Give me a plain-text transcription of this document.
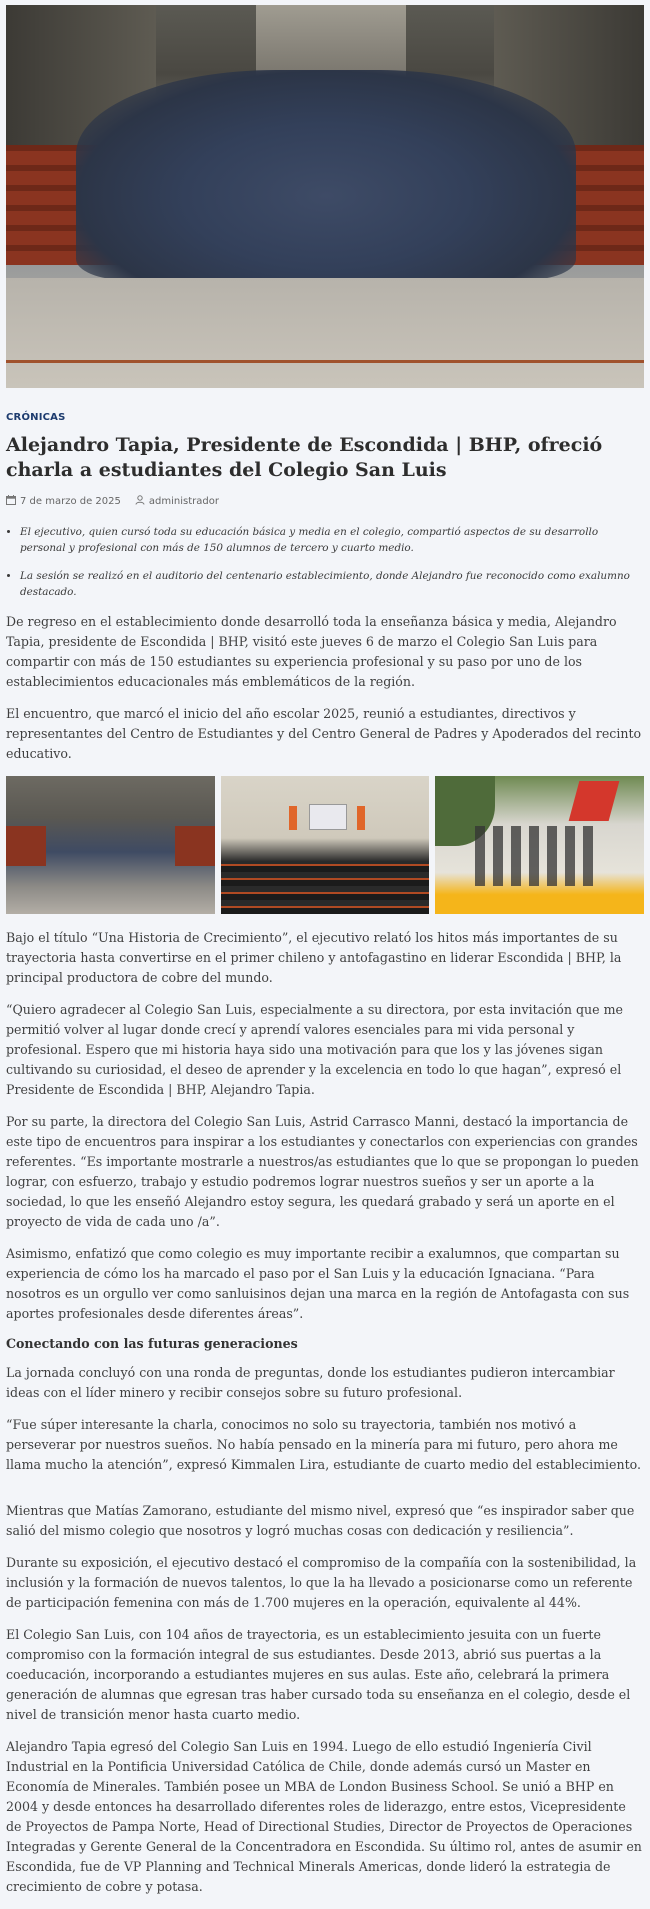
CRÓNICAS
Alejandro Tapia, Presidente de Escondida | BHP, ofreció charla a estudiantes del Colegio San Luis
7 de marzo de 2025	administrador
• El ejecutivo, quien cursó toda su educación básica y media en el colegio, compartió aspectos de su desarrollo personal y profesional con más de 150 alumnos de tercero y cuarto medio.
• La sesión se realizó en el auditorio del centenario establecimiento, donde Alejandro fue reconocido como exalumno destacado.

De regreso en el establecimiento donde desarrolló toda la enseñanza básica y media, Alejandro Tapia, presidente de Escondida | BHP, visitó este jueves 6 de marzo el Colegio San Luis para compartir con más de 150 estudiantes su experiencia profesional y su paso por uno de los establecimientos educacionales más emblemáticos de la región.

El encuentro, que marcó el inicio del año escolar 2025, reunió a estudiantes, directivos y representantes del Centro de Estudiantes y del Centro General de Padres y Apoderados del recinto educativo.

Bajo el título “Una Historia de Crecimiento”, el ejecutivo relató los hitos más importantes de su trayectoria hasta convertirse en el primer chileno y antofagastino en liderar Escondida | BHP, la principal productora de cobre del mundo.

“Quiero agradecer al Colegio San Luis, especialmente a su directora, por esta invitación que me permitió volver al lugar donde crecí y aprendí valores esenciales para mi vida personal y profesional. Espero que mi historia haya sido una motivación para que los y las jóvenes sigan cultivando su curiosidad, el deseo de aprender y la excelencia en todo lo que hagan”, expresó el Presidente de Escondida | BHP, Alejandro Tapia.

Por su parte, la directora del Colegio San Luis, Astrid Carrasco Manni, destacó la importancia de este tipo de encuentros para inspirar a los estudiantes y conectarlos con experiencias con grandes referentes. “Es importante mostrarle a nuestros/as estudiantes que lo que se propongan lo pueden lograr, con esfuerzo, trabajo y estudio podremos lograr nuestros sueños y ser un aporte a la sociedad, lo que les enseñó Alejandro estoy segura, les quedará grabado y será un aporte en el proyecto de vida de cada uno /a”.

Asimismo, enfatizó que como colegio es muy importante recibir a exalumnos, que compartan su experiencia de cómo los ha marcado el paso por el San Luis y la educación Ignaciana. “Para nosotros es un orgullo ver como sanluisinos dejan una marca en la región de Antofagasta con sus aportes profesionales desde diferentes áreas”.

Conectando con las futuras generaciones

La jornada concluyó con una ronda de preguntas, donde los estudiantes pudieron intercambiar ideas con el líder minero y recibir consejos sobre su futuro profesional.

“Fue súper interesante la charla, conocimos no solo su trayectoria, también nos motivó a perseverar por nuestros sueños. No había pensado en la minería para mi futuro, pero ahora me llama mucho la atención”, expresó Kimmalen Lira, estudiante de cuarto medio del establecimiento.

Mientras que Matías Zamorano, estudiante del mismo nivel, expresó que “es inspirador saber que salió del mismo colegio que nosotros y logró muchas cosas con dedicación y resiliencia”.

Durante su exposición, el ejecutivo destacó el compromiso de la compañía con la sostenibilidad, la inclusión y la formación de nuevos talentos, lo que la ha llevado a posicionarse como un referente de participación femenina con más de 1.700 mujeres en la operación, equivalente al 44%.

El Colegio San Luis, con 104 años de trayectoria, es un establecimiento jesuita con un fuerte compromiso con la formación integral de sus estudiantes. Desde 2013, abrió sus puertas a la coeducación, incorporando a estudiantes mujeres en sus aulas. Este año, celebrará la primera generación de alumnas que egresan tras haber cursado toda su enseñanza en el colegio, desde el nivel de transición menor hasta cuarto medio.

Alejandro Tapia egresó del Colegio San Luis en 1994. Luego de ello estudió Ingeniería Civil Industrial en la Pontificia Universidad Católica de Chile, donde además cursó un Master en Economía de Minerales. También posee un MBA de London Business School. Se unió a BHP en 2004 y desde entonces ha desarrollado diferentes roles de liderazgo, entre estos, Vicepresidente de Proyectos de Pampa Norte, Head of Directional Studies, Director de Proyectos de Operaciones Integradas y Gerente General de la Concentradora en Escondida. Su último rol, antes de asumir en Escondida, fue de VP Planning and Technical Minerals Americas, donde lideró la estrategia de crecimiento de cobre y potasa.
